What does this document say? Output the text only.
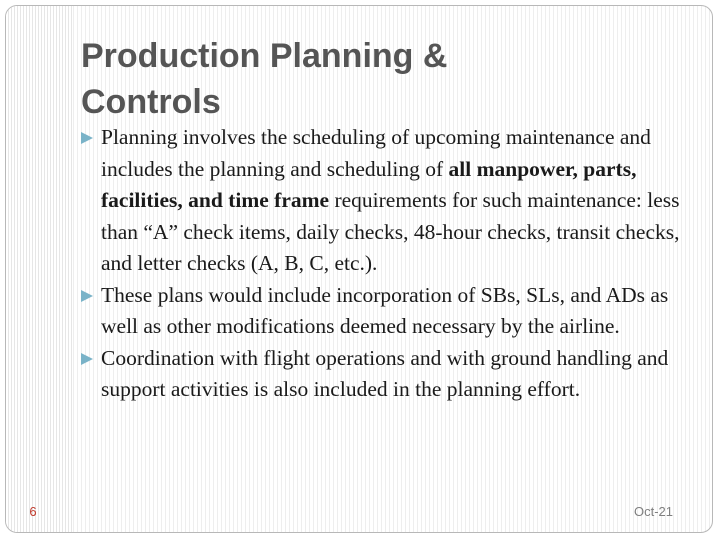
Production Planning &
Controls
Planning involves the scheduling of upcoming maintenance and includes the planning and scheduling of all manpower, parts, facilities, and time frame requirements for such maintenance: less than “A” check items, daily checks, 48-hour checks, transit checks, and letter checks (A, B, C, etc.).
These plans would include incorporation of SBs, SLs, and ADs as well as other modifications deemed necessary by the airline.
Coordination with flight operations and with ground handling and support activities is also included in the planning effort.
6	Oct-21
